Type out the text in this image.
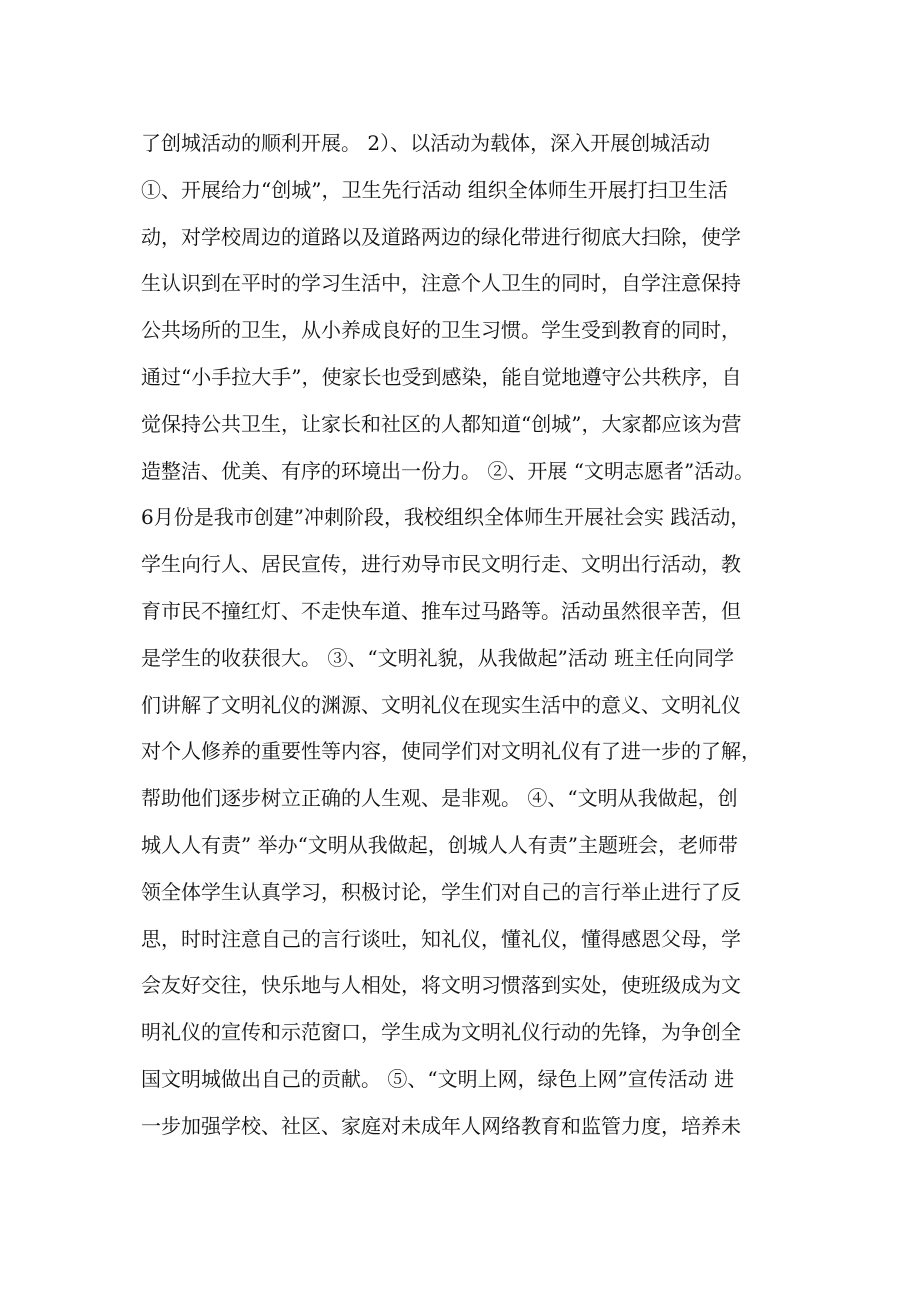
了创城活动的顺利开展。 2）、以活动为载体，深入开展创城活动
①、开展给力“创城”，卫生先行活动 组织全体师生开展打扫卫生活
动，对学校周边的道路以及道路两边的绿化带进行彻底大扫除，使学
生认识到在平时的学习生活中，注意个人卫生的同时，自学注意保持
公共场所的卫生，从小养成良好的卫生习惯。学生受到教育的同时，
通过“小手拉大手”，使家长也受到感染，能自觉地遵守公共秩序，自
觉保持公共卫生，让家长和社区的人都知道“创城”，大家都应该为营
造整洁、优美、有序的环境出一份力。 ②、开展 “文明志愿者”活动。
6月份是我市创建”冲刺阶段，我校组织全体师生开展社会实 践活动，
学生向行人、居民宣传，进行劝导市民文明行走、文明出行活动，教
育市民不撞红灯、不走快车道、推车过马路等。活动虽然很辛苦，但
是学生的收获很大。 ③、“文明礼貌，从我做起”活动 班主任向同学
们讲解了文明礼仪的渊源、文明礼仪在现实生活中的意义、文明礼仪
对个人修养的重要性等内容，使同学们对文明礼仪有了进一步的了解，
帮助他们逐步树立正确的人生观、是非观。 ④、“文明从我做起，创
城人人有责” 举办“文明从我做起，创城人人有责”主题班会，老师带
领全体学生认真学习，积极讨论，学生们对自己的言行举止进行了反
思，时时注意自己的言行谈吐，知礼仪，懂礼仪，懂得感恩父母，学
会友好交往，快乐地与人相处，将文明习惯落到实处，使班级成为文
明礼仪的宣传和示范窗口，学生成为文明礼仪行动的先锋，为争创全
国文明城做出自己的贡献。 ⑤、“文明上网，绿色上网”宣传活动 进
一步加强学校、社区、家庭对未成年人网络教育和监管力度，培养未
